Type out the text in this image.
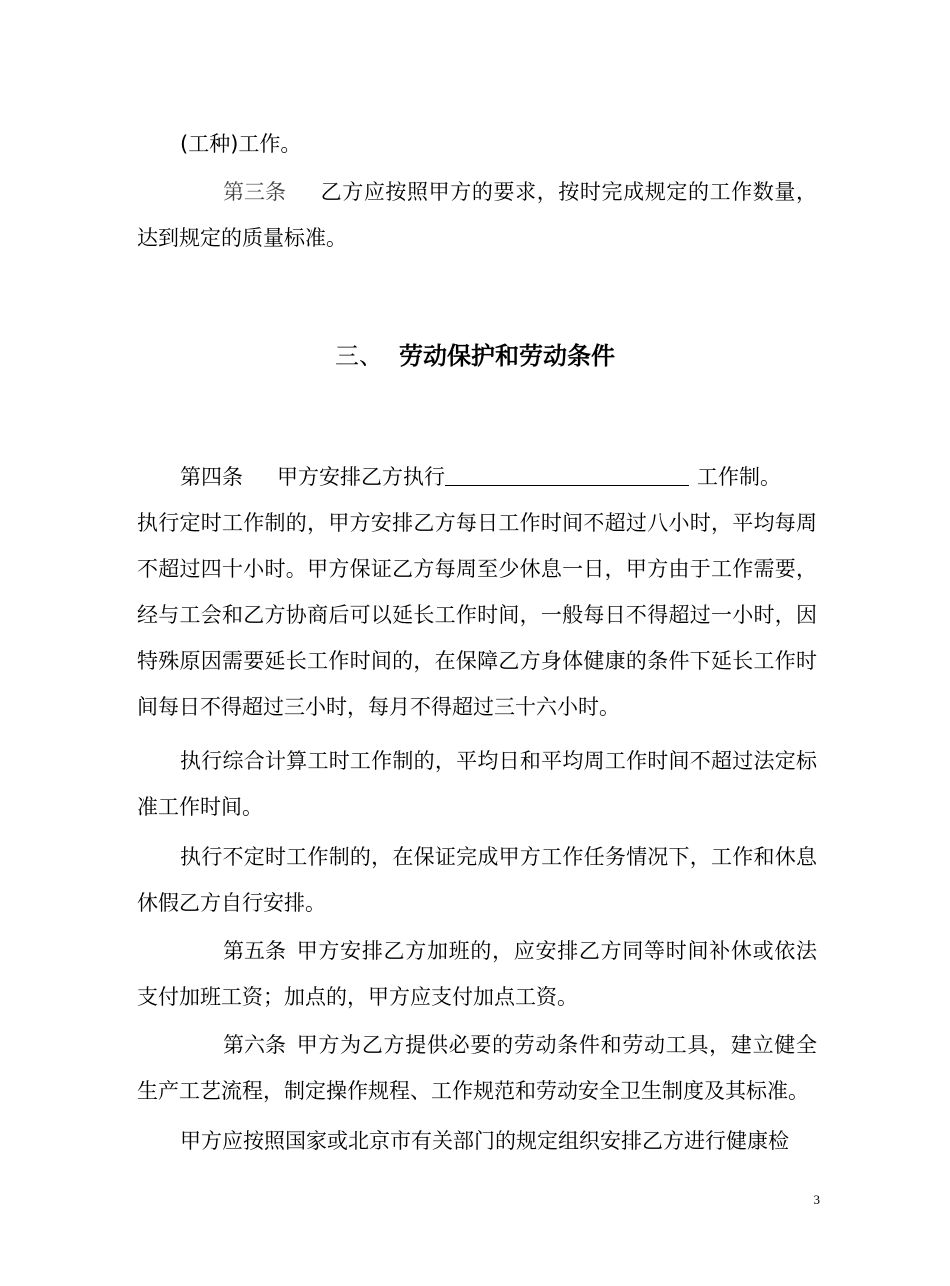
(工种)工作。

第三条 乙方应按照甲方的要求，按时完成规定的工作数量，达到规定的质量标准。

三、 劳动保护和劳动条件

第四条 甲方安排乙方执行	工作制。

执行定时工作制的，甲方安排乙方每日工作时间不超过八小时，平均每周不超过四十小时。甲方保证乙方每周至少休息一日，甲方由于工作需要，经与工会和乙方协商后可以延长工作时间，一般每日不得超过一小时，因特殊原因需要延长工作时间的，在保障乙方身体健康的条件下延长工作时间每日不得超过三小时，每月不得超过三十六小时。

执行综合计算工时工作制的，平均日和平均周工作时间不超过法定标准工作时间。

执行不定时工作制的，在保证完成甲方工作任务情况下，工作和休息休假乙方自行安排。

第五条 甲方安排乙方加班的，应安排乙方同等时间补休或依法支付加班工资；加点的，甲方应支付加点工资。

第六条 甲方为乙方提供必要的劳动条件和劳动工具，建立健全生产工艺流程，制定操作规程、工作规范和劳动安全卫生制度及其标准。

甲方应按照国家或北京市有关部门的规定组织安排乙方进行健康检

3
